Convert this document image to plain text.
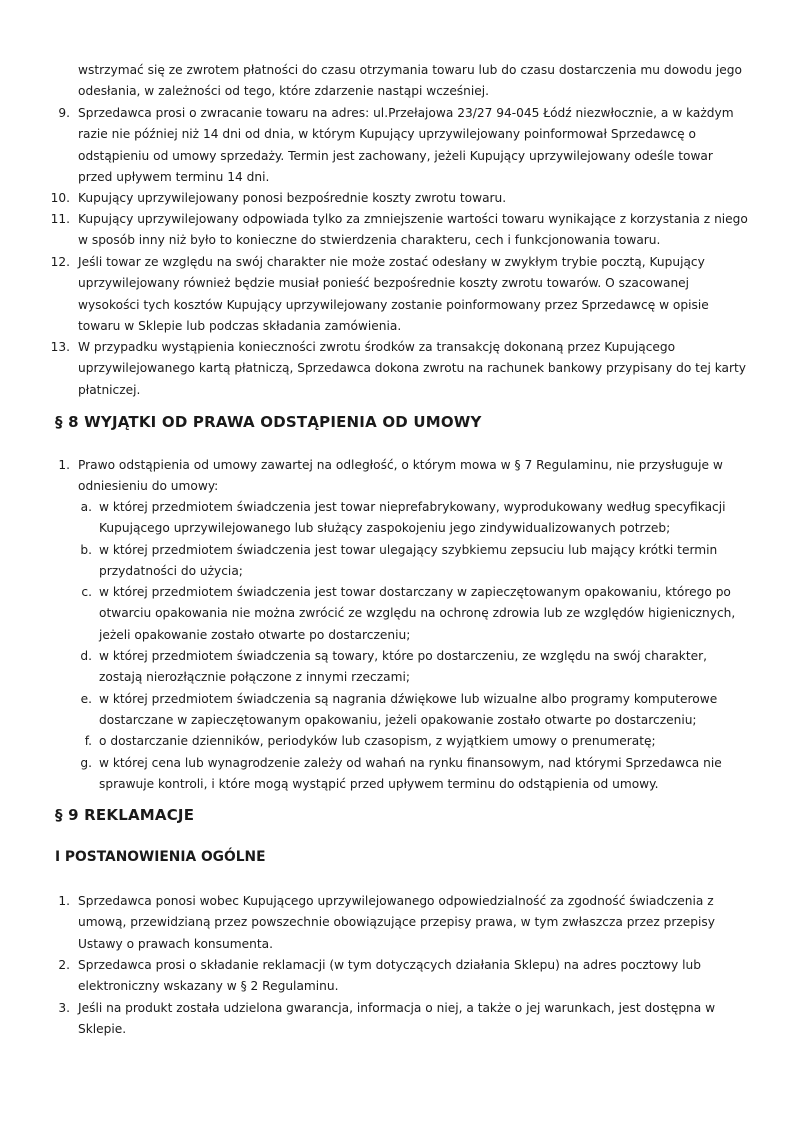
wstrzymać się ze zwrotem płatności do czasu otrzymania towaru lub do czasu dostarczenia mu dowodu jego odesłania, w zależności od tego, które zdarzenie nastąpi wcześniej.
9. Sprzedawca prosi o zwracanie towaru na adres: ul.Przełajowa 23/27 94-045 Łódź niezwłocznie, a w każdym razie nie później niż 14 dni od dnia, w którym Kupujący uprzywilejowany poinformował Sprzedawcę o odstąpieniu od umowy sprzedaży. Termin jest zachowany, jeżeli Kupujący uprzywilejowany odeśle towar przed upływem terminu 14 dni.
10. Kupujący uprzywilejowany ponosi bezpośrednie koszty zwrotu towaru.
11. Kupujący uprzywilejowany odpowiada tylko za zmniejszenie wartości towaru wynikające z korzystania z niego w sposób inny niż było to konieczne do stwierdzenia charakteru, cech i funkcjonowania towaru.
12. Jeśli towar ze względu na swój charakter nie może zostać odesłany w zwykłym trybie pocztą, Kupujący uprzywilejowany również będzie musiał ponieść bezpośrednie koszty zwrotu towarów. O szacowanej wysokości tych kosztów Kupujący uprzywilejowany zostanie poinformowany przez Sprzedawcę w opisie towaru w Sklepie lub podczas składania zamówienia.
13. W przypadku wystąpienia konieczności zwrotu środków za transakcję dokonaną przez Kupującego uprzywilejowanego kartą płatniczą, Sprzedawca dokona zwrotu na rachunek bankowy przypisany do tej karty płatniczej.
§ 8 WYJĄTKI OD PRAWA ODSTĄPIENIA OD UMOWY
1. Prawo odstąpienia od umowy zawartej na odległość, o którym mowa w § 7 Regulaminu, nie przysługuje w odniesieniu do umowy:
a. w której przedmiotem świadczenia jest towar nieprefabrykowany, wyprodukowany według specyfikacji Kupującego uprzywilejowanego lub służący zaspokojeniu jego zindywidualizowanych potrzeb;
b. w której przedmiotem świadczenia jest towar ulegający szybkiemu zepsuciu lub mający krótki termin przydatności do użycia;
c. w której przedmiotem świadczenia jest towar dostarczany w zapieczętowanym opakowaniu, którego po otwarciu opakowania nie można zwrócić ze względu na ochronę zdrowia lub ze względów higienicznych, jeżeli opakowanie zostało otwarte po dostarczeniu;
d. w której przedmiotem świadczenia są towary, które po dostarczeniu, ze względu na swój charakter, zostają nierozłącznie połączone z innymi rzeczami;
e. w której przedmiotem świadczenia są nagrania dźwiękowe lub wizualne albo programy komputerowe dostarczane w zapieczętowanym opakowaniu, jeżeli opakowanie zostało otwarte po dostarczeniu;
f. o dostarczanie dzienników, periodyków lub czasopism, z wyjątkiem umowy o prenumeratę;
g. w której cena lub wynagrodzenie zależy od wahań na rynku finansowym, nad którymi Sprzedawca nie sprawuje kontroli, i które mogą wystąpić przed upływem terminu do odstąpienia od umowy.
§ 9 REKLAMACJE
I POSTANOWIENIA OGÓLNE
1. Sprzedawca ponosi wobec Kupującego uprzywilejowanego odpowiedzialność za zgodność świadczenia z umową, przewidzianą przez powszechnie obowiązujące przepisy prawa, w tym zwłaszcza przez przepisy Ustawy o prawach konsumenta.
2. Sprzedawca prosi o składanie reklamacji (w tym dotyczących działania Sklepu) na adres pocztowy lub elektroniczny wskazany w § 2 Regulaminu.
3. Jeśli na produkt została udzielona gwarancja, informacja o niej, a także o jej warunkach, jest dostępna w Sklepie.
